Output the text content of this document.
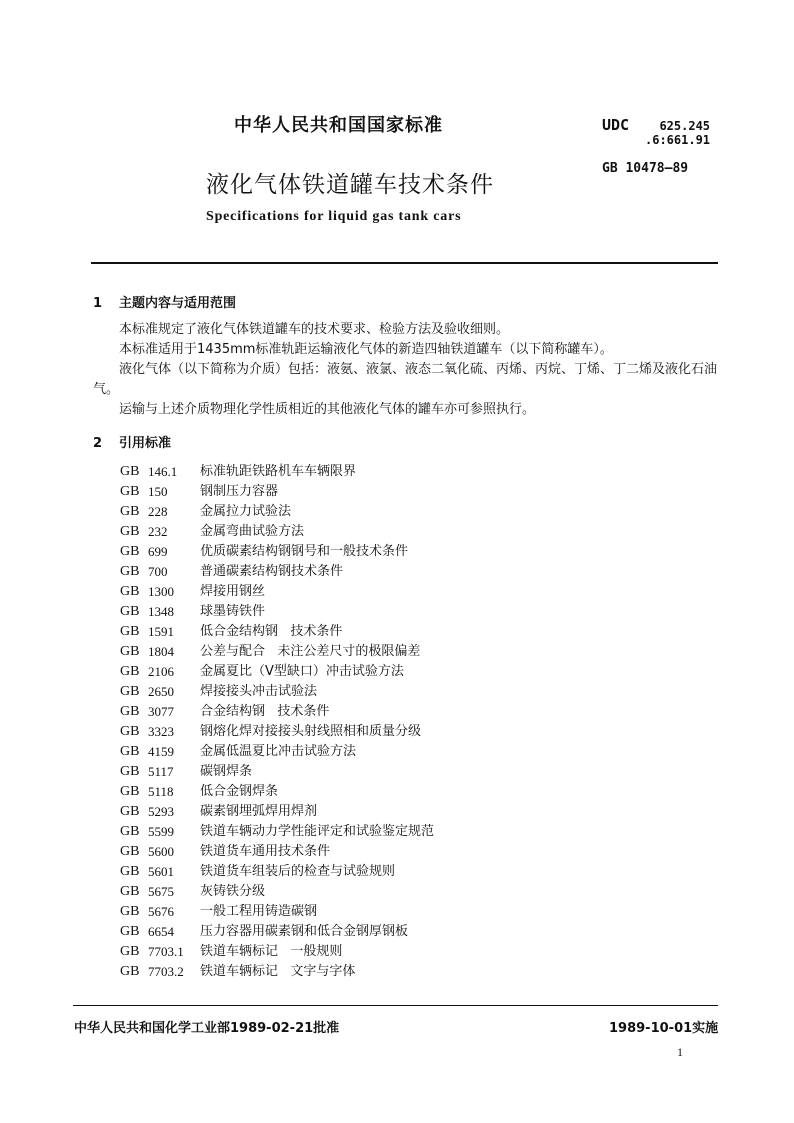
中华人民共和国国家标准	UDC	625.245
.6:661.91
GB 10478—89
液化气体铁道罐车技术条件
Specifications for liquid gas tank cars
1 主题内容与适用范围

本标准规定了液化气体铁道罐车的技术要求、检验方法及验收细则。

本标准适用于1435mm标准轨距运输液化气体的新造四轴铁道罐车（以下简称罐车）。

液化气体（以下简称为介质）包括：液氨、液氯、液态二氧化硫、丙烯、丙烷、丁烯、丁二烯及液化石油气。

运输与上述介质物理化学性质相近的其他液化气体的罐车亦可参照执行。

2 引用标准
GB 146.1	标准轨距铁路机车车辆限界
GB 150	钢制压力容器
GB 228	金属拉力试验法
GB 232	金属弯曲试验方法
GB 699	优质碳素结构钢钢号和一般技术条件
GB 700	普通碳素结构钢技术条件
GB 1300	焊接用钢丝
GB 1348	球墨铸铁件
GB 1591	低合金结构钢   技术条件
GB 1804	公差与配合   未注公差尺寸的极限偏差
GB 2106	金属夏比（V型缺口）冲击试验方法
GB 2650	焊接接头冲击试验法
GB 3077	合金结构钢   技术条件
GB 3323	钢熔化焊对接接头射线照相和质量分级
GB 4159	金属低温夏比冲击试验方法
GB 5117	碳钢焊条
GB 5118	低合金钢焊条
GB 5293	碳素钢埋弧焊用焊剂
GB 5599	铁道车辆动力学性能评定和试验鉴定规范
GB 5600	铁道货车通用技术条件
GB 5601	铁道货车组装后的检查与试验规则
GB 5675	灰铸铁分级
GB 5676	一般工程用铸造碳钢
GB 6654	压力容器用碳素钢和低合金钢厚钢板
GB 7703.1	铁道车辆标记   一般规则
GB 7703.2	铁道车辆标记   文字与字体
中华人民共和国化学工业部1989-02-21批准	1989-10-01实施
1
